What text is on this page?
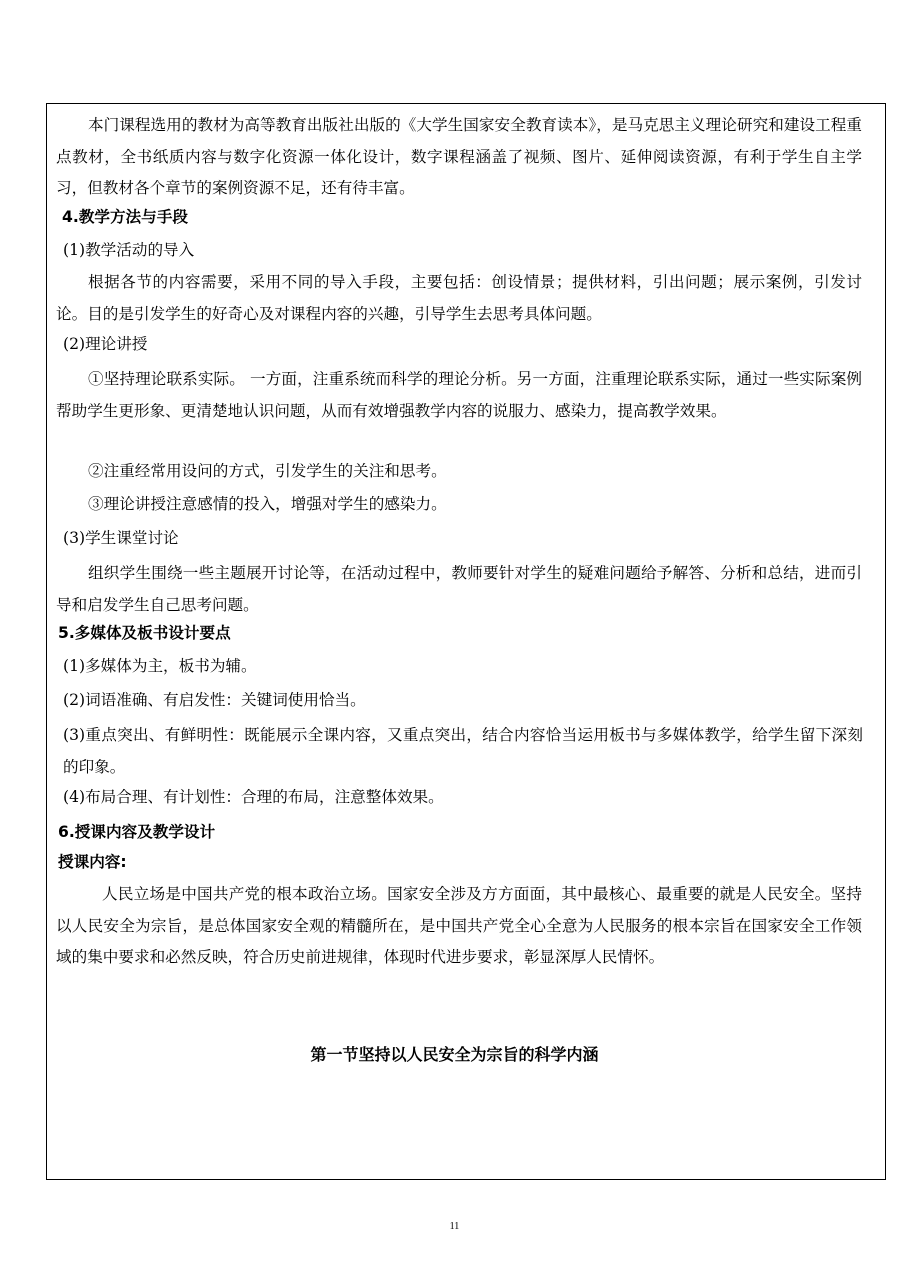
本门课程选用的教材为高等教育出版社出版的《大学生国家安全教育读本》，是马克思主义理论研究和建设工程重点教材，全书纸质内容与数字化资源一体化设计，数字课程涵盖了视频、图片、延伸阅读资源，有利于学生自主学习，但教材各个章节的案例资源不足，还有待丰富。

4.教学方法与手段

(1)教学活动的导入

根据各节的内容需要，采用不同的导入手段，主要包括：创设情景；提供材料，引出问题；展示案例，引发讨论。目的是引发学生的好奇心及对课程内容的兴趣，引导学生去思考具体问题。

(2)理论讲授

①坚持理论联系实际。 一方面，注重系统而科学的理论分析。另一方面，注重理论联系实际，通过一些实际案例帮助学生更形象、更清楚地认识问题，从而有效增强教学内容的说服力、感染力，提高教学效果。

②注重经常用设问的方式，引发学生的关注和思考。

③理论讲授注意感情的投入，增强对学生的感染力。

(3)学生课堂讨论

组织学生围绕一些主题展开讨论等，在活动过程中，教师要针对学生的疑难问题给予解答、分析和总结，进而引导和启发学生自己思考问题。

5.多媒体及板书设计要点

(1)多媒体为主，板书为辅。

(2)词语准确、有启发性：关键词使用恰当。

(3)重点突出、有鲜明性：既能展示全课内容，又重点突出，结合内容恰当运用板书与多媒体教学，给学生留下深刻的印象。

(4)布局合理、有计划性：合理的布局，注意整体效果。

6.授课内容及教学设计

授课内容:

人民立场是中国共产党的根本政治立场。国家安全涉及方方面面，其中最核心、最重要的就是人民安全。坚持以人民安全为宗旨，是总体国家安全观的精髓所在，是中国共产党全心全意为人民服务的根本宗旨在国家安全工作领域的集中要求和必然反映，符合历史前进规律，体现时代进步要求，彰显深厚人民情怀。

第一节坚持以人民安全为宗旨的科学内涵

11
